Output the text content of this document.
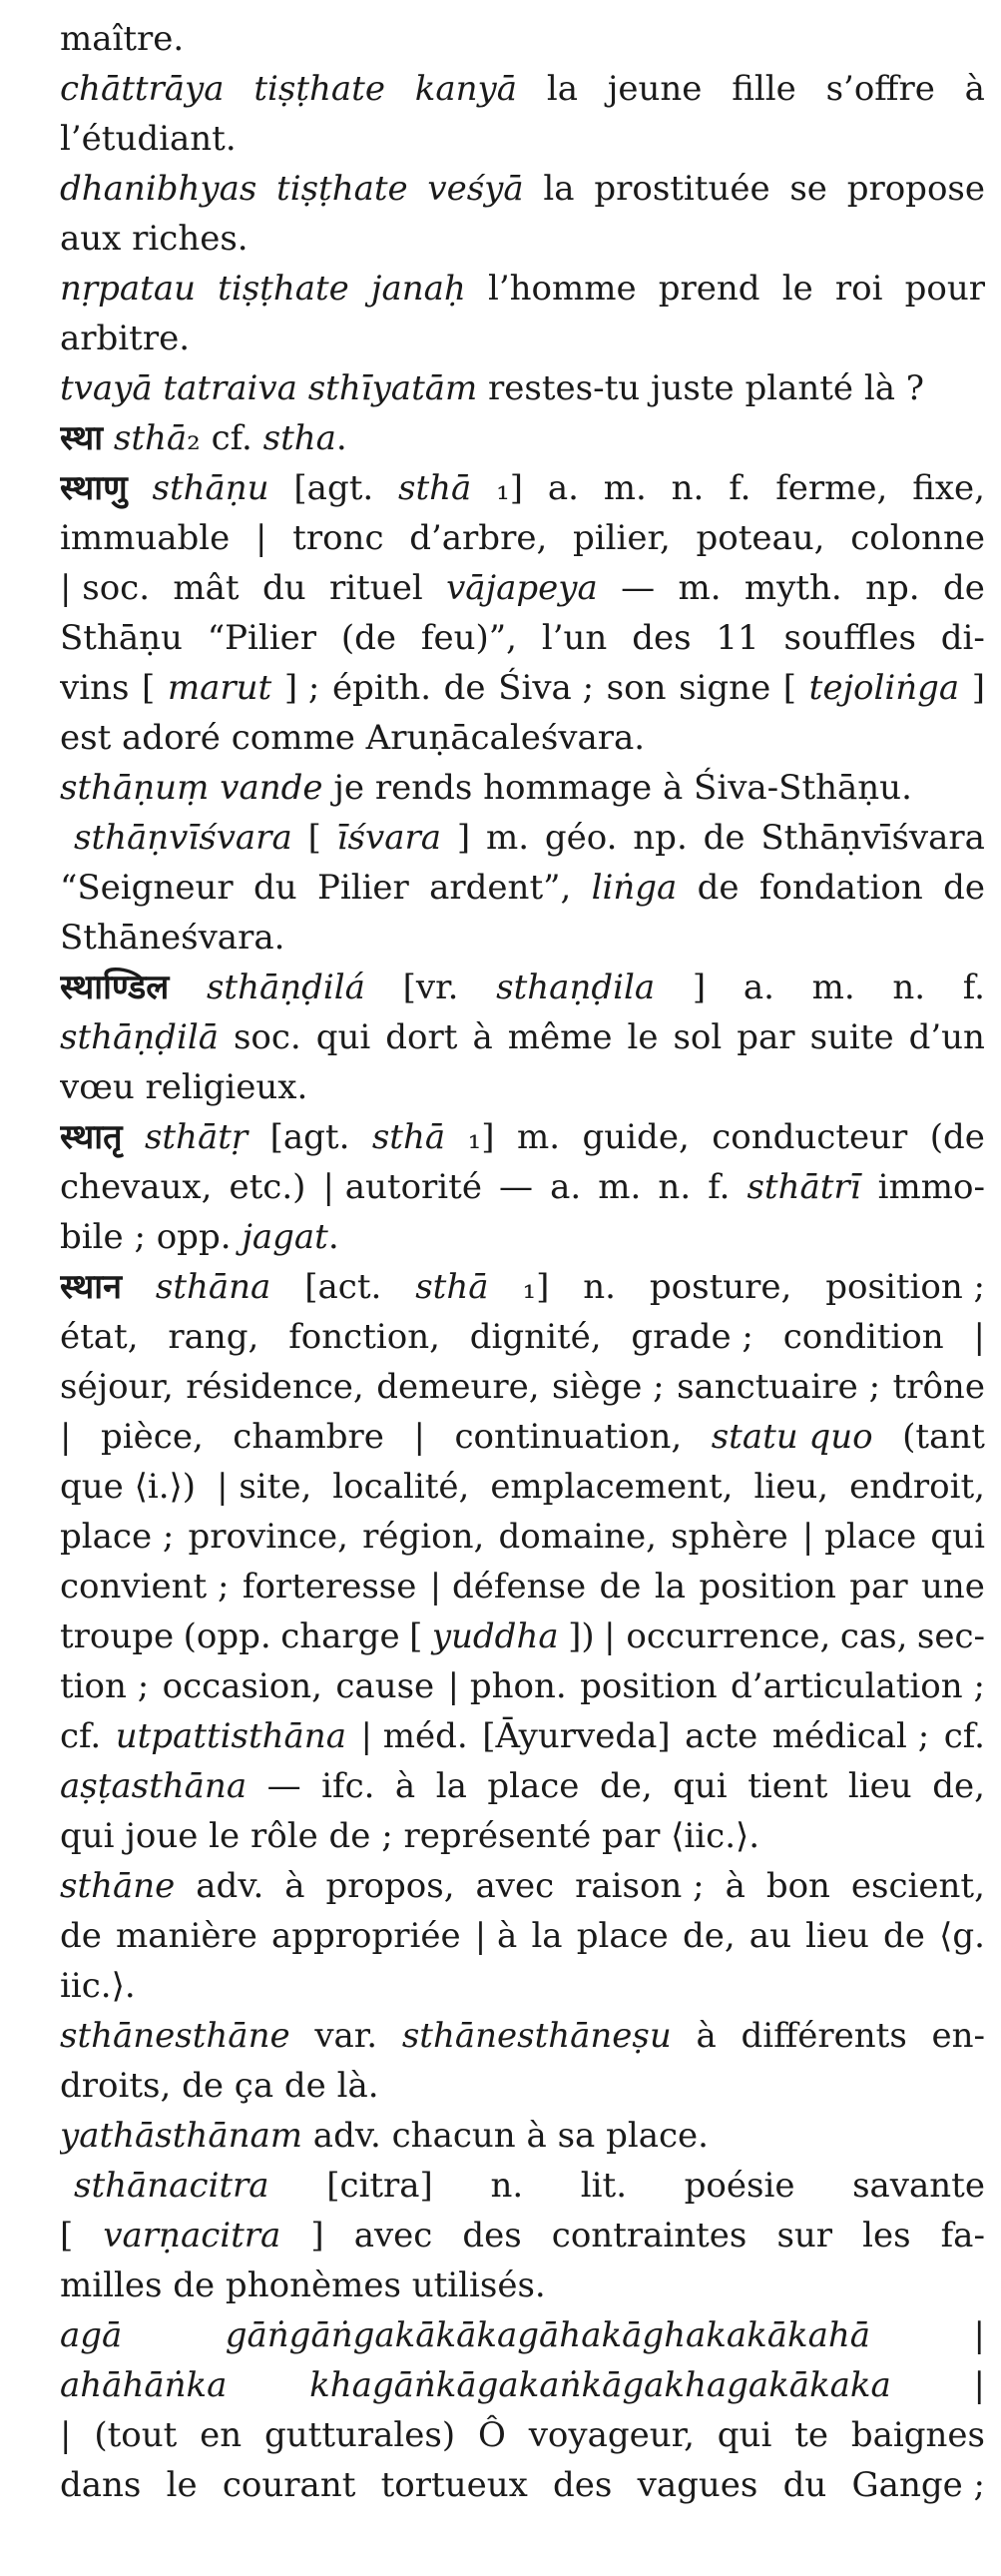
maître.
chāttrāya tiṣṭhate kanyā la jeune fille s’offre à
l’étudiant.
dhanibhyas tiṣṭhate veśyā la prostituée se propose
aux riches.
nṛpatau tiṣṭhate janaḥ l’homme prend le roi pour
arbitre.
tvayā tatraiva sthīyatām restes-tu juste planté là ?
स्था
sthā ₂ cf. stha .
स्थाणु sthāṇu [agt. sthā ₁] a. m. n. f. ferme, fixe,
immuable | tronc d’arbre, pilier, poteau, colonne
| soc. mât du rituel vājapeya — m. myth. np. de
Sthāṇu “Pilier (de feu)”, l’un des 11 souffles di-
vins [ marut ] ; épith. de Śiva ; son signe [ tejoliṅga ]
est adoré comme Aruṇācaleśvara.
sthāṇuṃ vande je rends hommage à Śiva-Sthāṇu.
sthāṇvīśvara [ īśvara ] m. géo. np. de Sthāṇvīśvara
“Seigneur du Pilier ardent”, liṅga de fondation de
Sthāneśvara.
स्थाण्डिल sthāṇḍilá [vr. sthaṇḍila ] a. m. n. f.
sthāṇḍilā soc. qui dort à même le sol par suite d’un
vœu religieux.
स्थातृ sthātṛ [agt. sthā ₁] m. guide, conducteur (de
chevaux, etc.) | autorité — a. m. n. f. sthātrī immo-
bile ; opp. jagat .
स्थान sthāna [act. sthā ₁] n. posture, position ;
état, rang, fonction, dignité, grade ; condition |
séjour, résidence, demeure, siège ; sanctuaire ; trône
| pièce, chambre | continuation, statu quo (tant
que ⟨i.⟩) | site, localité, emplacement, lieu, endroit,
place ; province, région, domaine, sphère | place qui
convient ; forteresse | défense de la position par une
troupe (opp. charge [ yuddha ]) | occurrence, cas, sec-
tion ; occasion, cause | phon. position d’articulation ;
cf. utpattisthāna | méd. [Āyurveda] acte médical ; cf.
aṣṭasthāna — ifc. à la place de, qui tient lieu de,
qui joue le rôle de ; représenté par ⟨iic.⟩.
sthāne adv. à propos, avec raison ; à bon escient,
de manière appropriée | à la place de, au lieu de ⟨g.
iic.⟩.
sthānesthāne var. sthānesthāneṣu à différents en-
droits, de ça de là.
yathāsthānam adv. chacun à sa place.
sthānacitra [citra] n. lit. poésie savante
[ varṇacitra ] avec des contraintes sur les fa-
milles de phonèmes utilisés.
agā	gāṅgāṅgakākākagāhakāghakakākahā	|
ahāhāṅka khagāṅkāgakaṅkāgakhagakākaka |
| (tout en gutturales) Ô voyageur, qui te baignes
dans le courant tortueux des vagues du Gange ;
